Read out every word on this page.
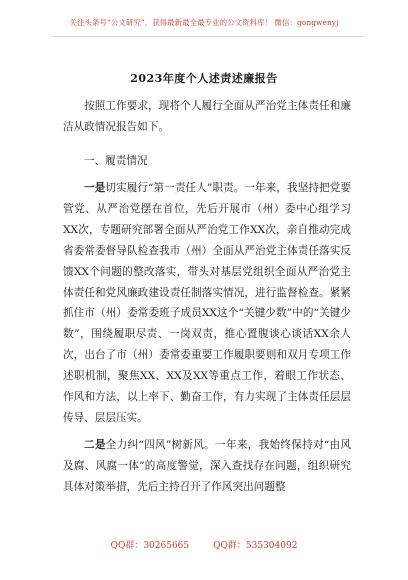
关注头条号“公文研究”，获得最新最全最专业的公文资料库！ 微信：gongwenyj
2023年度个人述责述廉报告

按照工作要求，现将个人履行全面从严治党主体责任和廉洁从政情况报告如下。

一、履责情况

一是切实履行“第一责任人”职责。一年来，我坚持把党要管党、从严治党摆在首位，先后开展市（州）委中心组学习XX次，专题研究部署全面从严治党工作XX次，亲自推动完成省委常委督导队检查我市（州）全面从严治党主体责任落实反馈XX个问题的整改落实，带头对基层党组织全面从严治党主体责任和党风廉政建设责任制落实情况，进行监督检查。紧紧抓住市（州）委常委班子成员XX这个“关键少数”中的“关键少数”，围绕履职尽责、一岗双责，推心置腹谈心谈话XX余人次，出台了市（州）委常委重要工作履职要则和双月专项工作述职机制，聚焦XX、XX及XX等重点工作，着眼工作状态、作风和方法，以上率下、勤奋工作，有力实现了主体责任层层传导、层层压实。

二是全力纠“四风”树新风。一年来，我始终保持对“由风及腐、风腐一体”的高度警觉，深入查找存在问题，组织研究具体对策举措，先后主持召开了作风突出问题整

QQ群：30265665	QQ群：535304092
